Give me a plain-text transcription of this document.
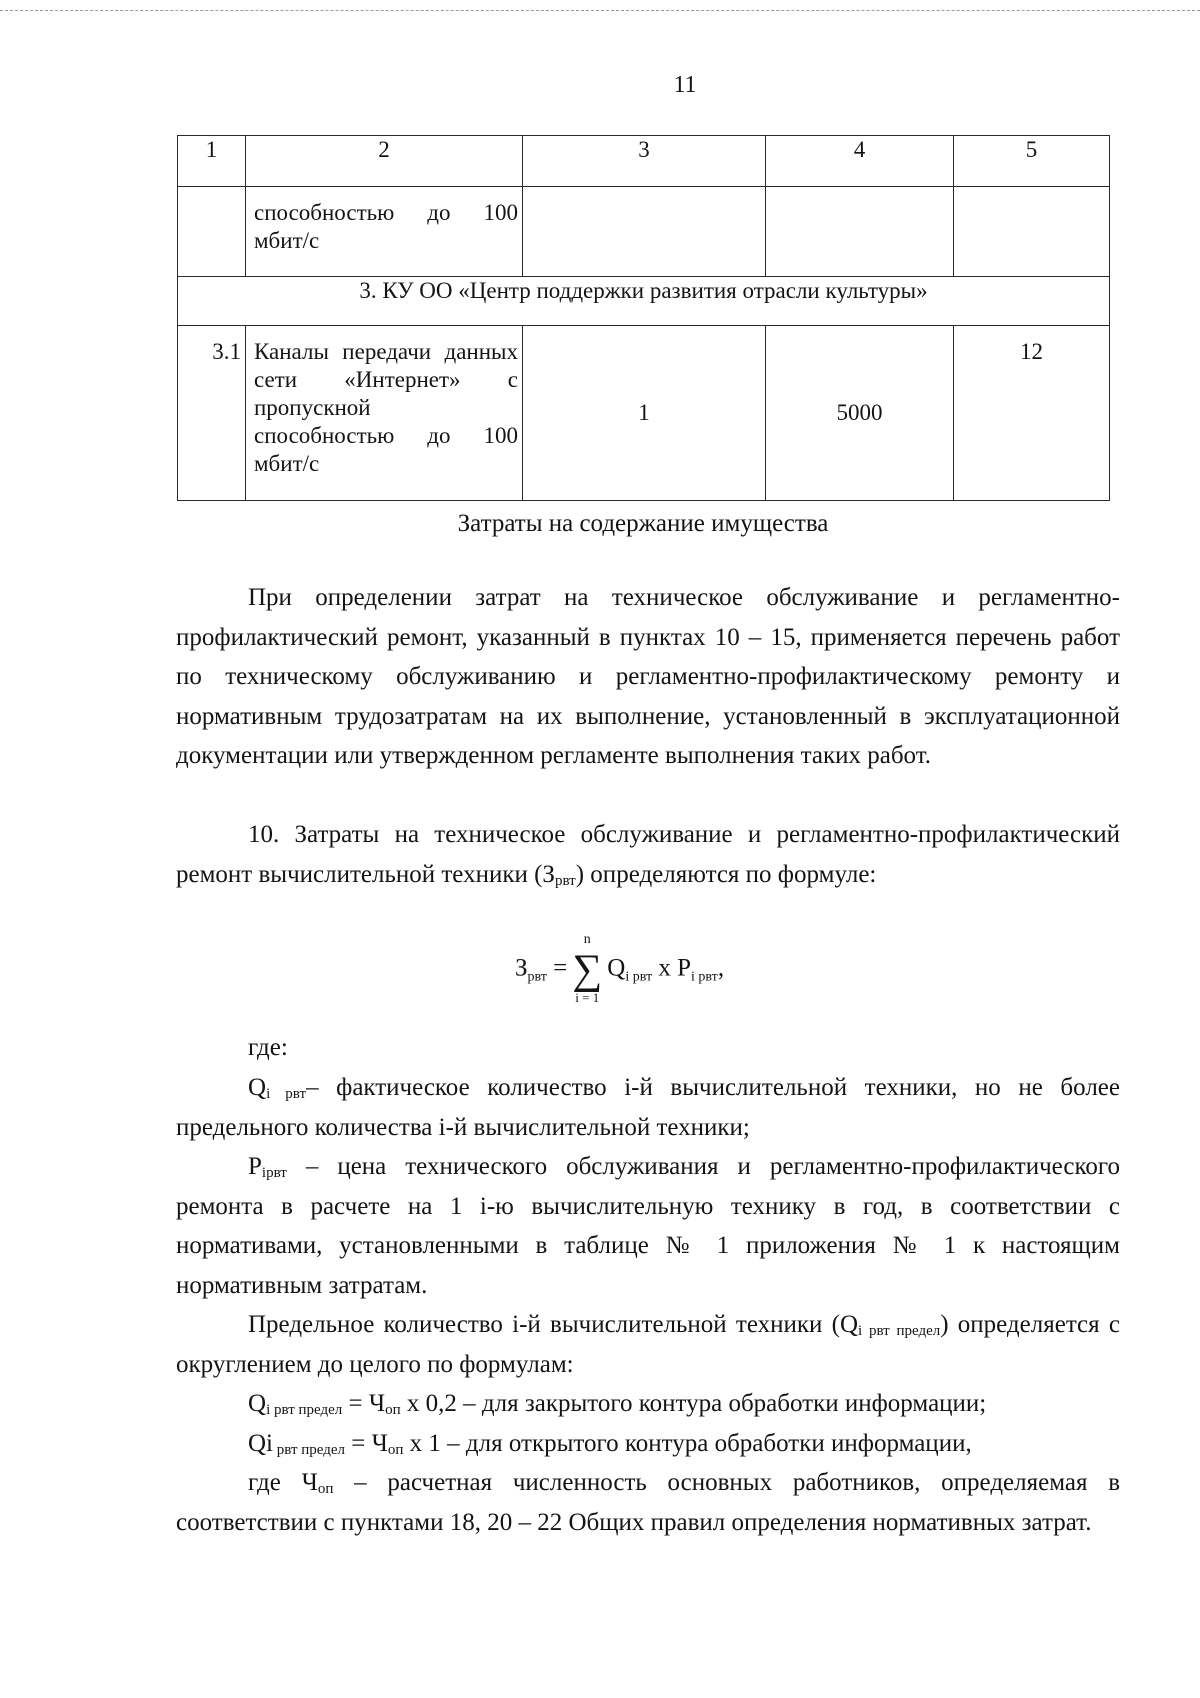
11
1	2	3	4	5

	способностью до 100
мбит/с			

3. КУ ОО «Центр поддержки развития отрасли культуры»				
3.1	Каналы передачи данных
сети «Интернет» с
пропускной
способностью до 100
мбит/с	1	5000	12
Затраты на содержание имущества
При определении затрат на техническое обслуживание и регламентно-профилактический ремонт, указанный в пунктах 10 – 15, применяется перечень работ по техническому обслуживанию и регламентно-профилактическому ремонту и нормативным трудозатратам на их выполнение, установленный в эксплуатационной документации или утвержденном регламенте выполнения таких работ.
10. Затраты на техническое обслуживание и регламентно-профилактический ремонт вычислительной техники $(З_{рвт})$ определяются по формуле:
$З_{рвт}$ =
n
∑
i = 1
$Q_{i рвт}$ х $P_{i рвт}$,
где:
$Q_{i рвт}-$ фактическое количество i-й вычислительной техники, но не более предельного количества i-й вычислительной техники;
$P_{iрвт}$ – цена технического обслуживания и регламентно-профилактического ремонта в расчете на 1 i-ю вычислительную технику в год, в соответствии с нормативами, установленными в таблице № 1 приложения № 1 к настоящим нормативным затратам.
Предельное количество i-й вычислительной техники $(Q_{i рвт предел})$ определяется с округлением до целого по формулам:
$Q_{i рвт предел} = Ч_{оп}$ х 0,2 – для закрытого контура обработки информации;
Qi $_{рвт предел} = Ч_{оп}$ х 1 – для открытого контура обработки информации,
где $Ч_{оп}$ – расчетная численность основных работников, определяемая в соответствии с пунктами 18, 20 – 22 Общих правил определения нормативных затрат.
